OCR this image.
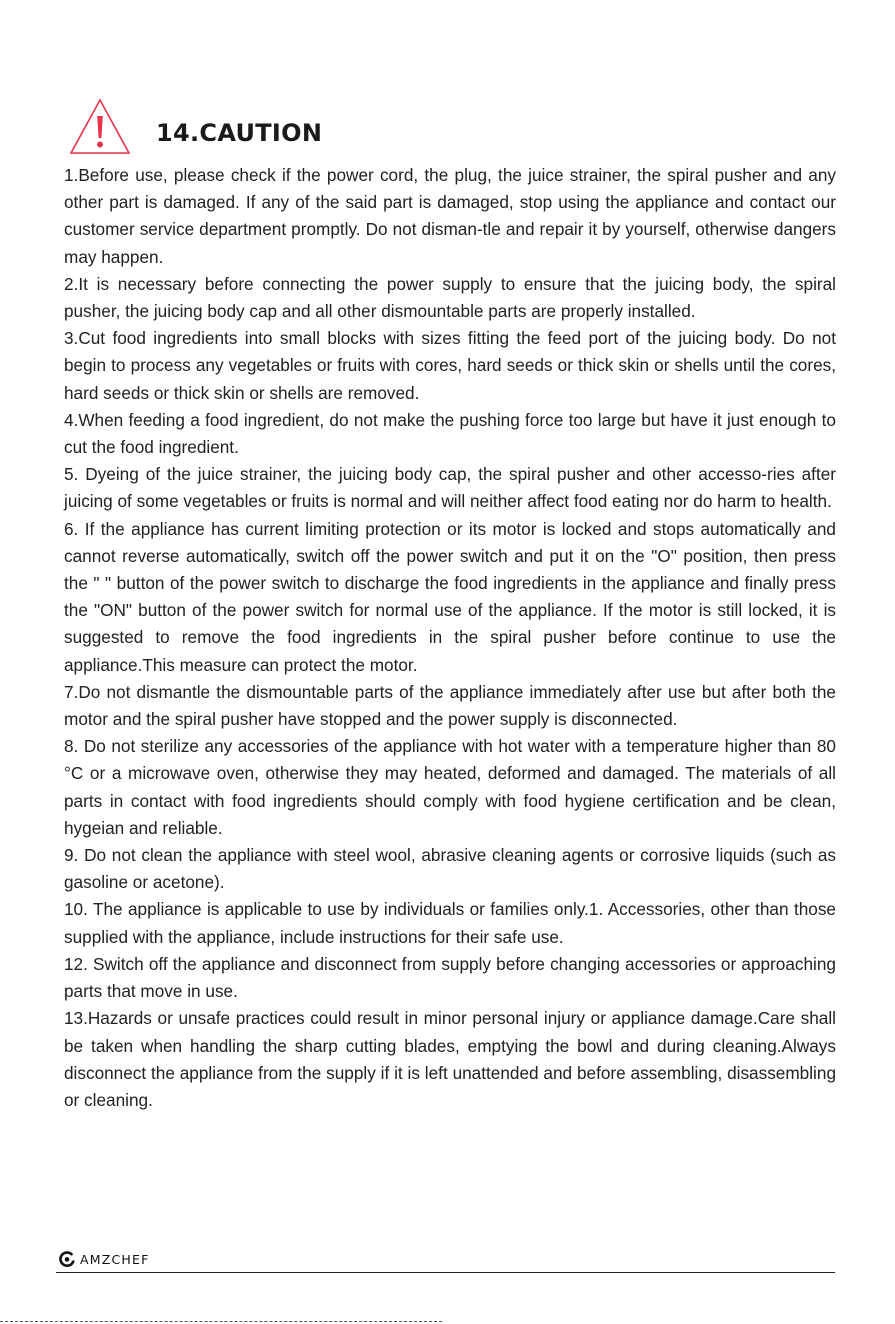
14.CAUTION

1.Before use, please check if the power cord, the plug, the juice strainer, the spiral pusher and any other part is damaged. If any of the said part is damaged, stop using the appliance and contact our customer service department promptly. Do not disman-tle and repair it by yourself, otherwise dangers may happen.

2.It is necessary before connecting the power supply to ensure that the juicing body, the spiral pusher, the juicing body cap and all other dismountable parts are properly installed.

3.Cut food ingredients into small blocks with sizes fitting the feed port of the juicing body. Do not begin to process any vegetables or fruits with cores, hard seeds or thick skin or shells until the cores, hard seeds or thick skin or shells are removed.

4.When feeding a food ingredient, do not make the pushing force too large but have it just enough to cut the food ingredient.

5. Dyeing of the juice strainer, the juicing body cap, the spiral pusher and other accesso-ries after juicing of some vegetables or fruits is normal and will neither affect food eating nor do harm to health.

6. If the appliance has current limiting protection or its motor is locked and stops automatically and cannot reverse automatically, switch off the power switch and put it on the "O" position, then press the " " button of the power switch to discharge the food ingredients in the appliance and finally press the "ON" button of the power switch for normal use of the appliance. If the motor is still locked, it is suggested to remove the food ingredients in the spiral pusher before continue to use the appliance.This measure can protect the motor.

7.Do not dismantle the dismountable parts of the appliance immediately after use but after both the motor and the spiral pusher have stopped and the power supply is disconnected.

8. Do not sterilize any accessories of the appliance with hot water with a temperature higher than 80 °C or a microwave oven, otherwise they may heated, deformed and damaged. The materials of all parts in contact with food ingredients should comply with food hygiene certification and be clean, hygeian and reliable.

9. Do not clean the appliance with steel wool, abrasive cleaning agents or corrosive liquids (such as gasoline or acetone).

10. The appliance is applicable to use by individuals or families only.1. Accessories, other than those supplied with the appliance, include instructions for their safe use.

12. Switch off the appliance and disconnect from supply before changing accessories or approaching parts that move in use.

13.Hazards or unsafe practices could result in minor personal injury or appliance damage.Care shall be taken when handling the sharp cutting blades, emptying the bowl and during cleaning.Always disconnect the appliance from the supply if it is left unattended and before assembling, disassembling or cleaning.

AMZCHEF
